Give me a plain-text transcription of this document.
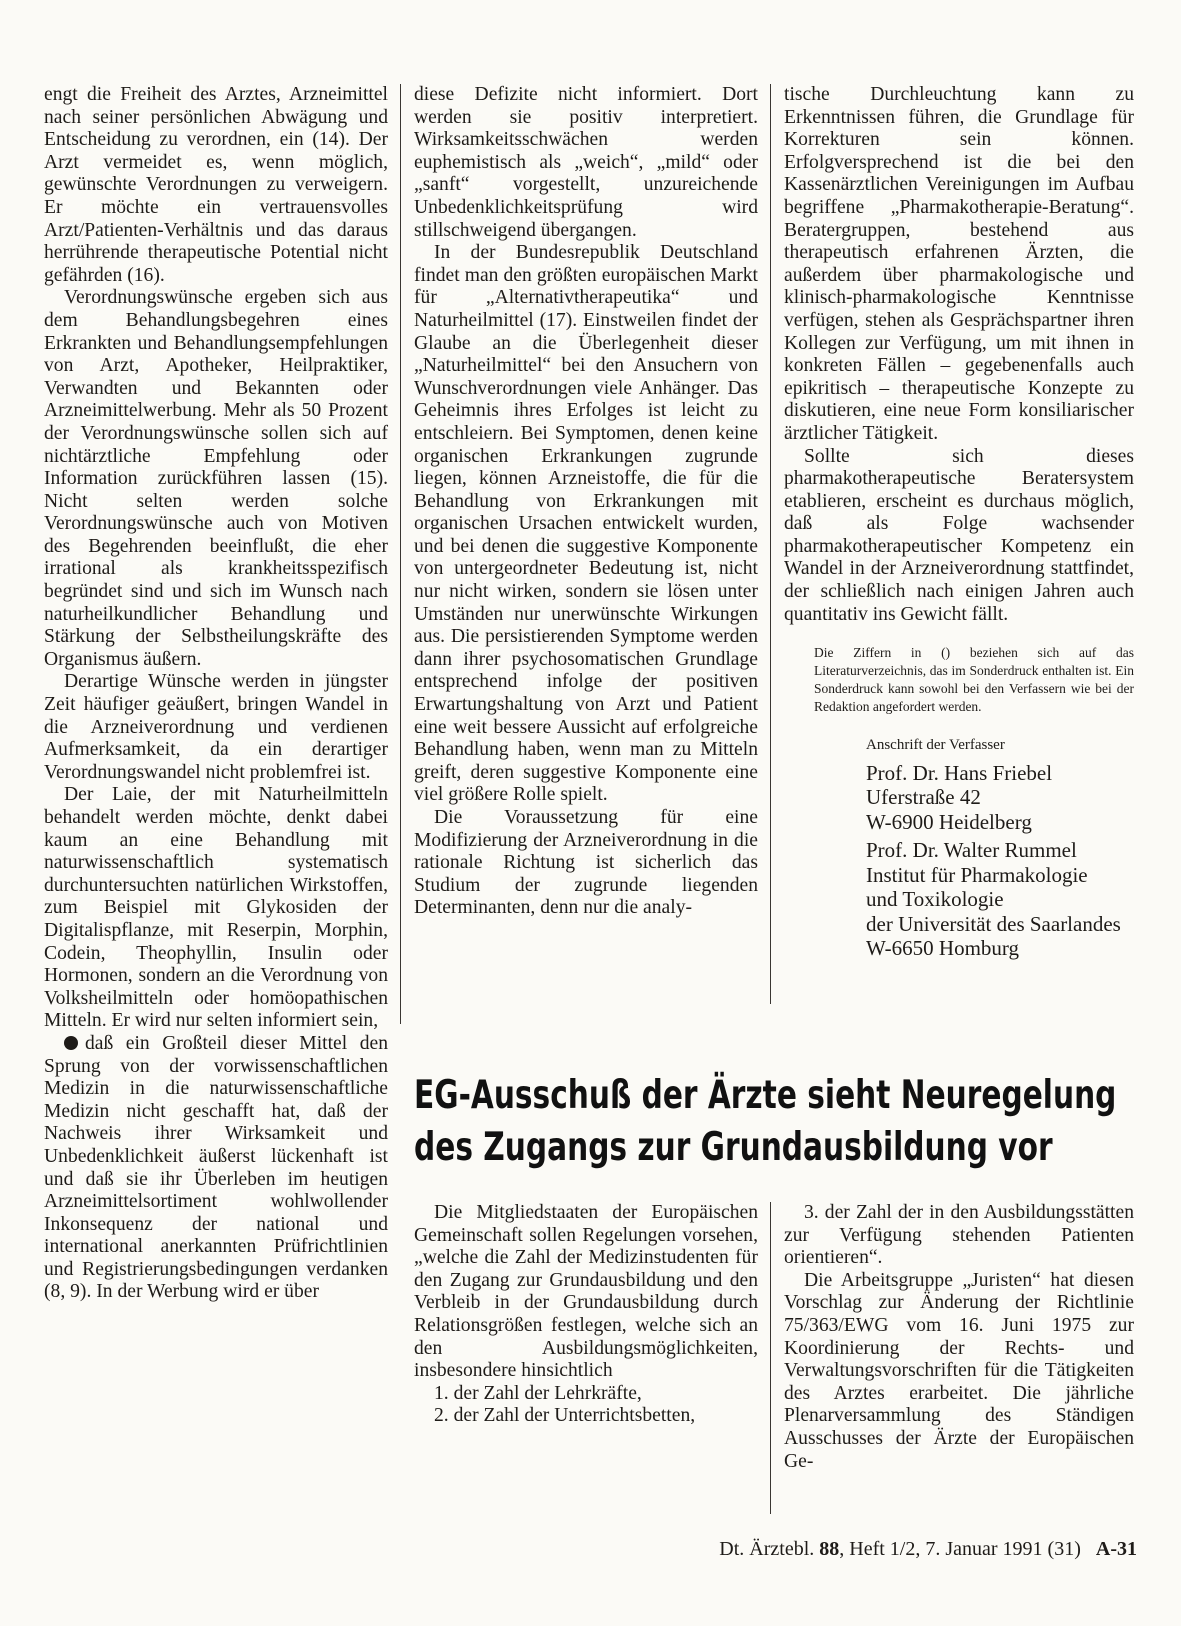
engt die Freiheit des Arztes, Arzneimittel nach seiner persönlichen Abwägung und Entscheidung zu verordnen, ein (14). Der Arzt vermeidet es, wenn möglich, gewünschte Verordnungen zu verweigern. Er möchte ein vertrauensvolles Arzt/Patienten-Verhältnis und das daraus herrührende therapeutische Potential nicht gefährden (16).

Verordnungswünsche ergeben sich aus dem Behandlungsbegehren eines Erkrankten und Behandlungsempfehlungen von Arzt, Apotheker, Heilpraktiker, Verwandten und Bekannten oder Arzneimittelwerbung. Mehr als 50 Prozent der Verordnungswünsche sollen sich auf nichtärztliche Empfehlung oder Information zurückführen lassen (15). Nicht selten werden solche Verordnungswünsche auch von Motiven des Begehrenden beeinflußt, die eher irrational als krankheitsspezifisch begründet sind und sich im Wunsch nach naturheilkundlicher Behandlung und Stärkung der Selbstheilungskräfte des Organismus äußern.

Derartige Wünsche werden in jüngster Zeit häufiger geäußert, bringen Wandel in die Arzneiverordnung und verdienen Aufmerksamkeit, da ein derartiger Verordnungswandel nicht problemfrei ist.

Der Laie, der mit Naturheilmitteln behandelt werden möchte, denkt dabei kaum an eine Behandlung mit naturwissenschaftlich systematisch durchuntersuchten natürlichen Wirkstoffen, zum Beispiel mit Glykosiden der Digitalispflanze, mit Reserpin, Morphin, Codein, Theophyllin, Insulin oder Hormonen, sondern an die Verordnung von Volksheilmitteln oder homöopathischen Mitteln. Er wird nur selten informiert sein,

daß ein Großteil dieser Mittel den Sprung von der vorwissenschaftlichen Medizin in die naturwissenschaftliche Medizin nicht geschafft hat, daß der Nachweis ihrer Wirksamkeit und Unbedenklichkeit äußerst lückenhaft ist und daß sie ihr Überleben im heutigen Arzneimittelsortiment wohlwollender Inkonsequenz der national und international anerkannten Prüfrichtlinien und Registrierungsbedingungen verdanken (8, 9). In der Werbung wird er über

diese Defizite nicht informiert. Dort werden sie positiv interpretiert. Wirksamkeitsschwächen werden euphemistisch als „weich“, „mild“ oder „sanft“ vorgestellt, unzureichende Unbedenklichkeitsprüfung wird stillschweigend übergangen.

In der Bundesrepublik Deutschland findet man den größten europäischen Markt für „Alternativtherapeutika“ und Naturheilmittel (17). Einstweilen findet der Glaube an die Überlegenheit dieser „Naturheilmittel“ bei den Ansuchern von Wunschverordnungen viele Anhänger. Das Geheimnis ihres Erfolges ist leicht zu entschleiern. Bei Symptomen, denen keine organischen Erkrankungen zugrunde liegen, können Arzneistoffe, die für die Behandlung von Erkrankungen mit organischen Ursachen entwickelt wurden, und bei denen die suggestive Komponente von untergeordneter Bedeutung ist, nicht nur nicht wirken, sondern sie lösen unter Umständen nur unerwünschte Wirkungen aus. Die persistierenden Symptome werden dann ihrer psychosomatischen Grundlage entsprechend infolge der positiven Erwartungshaltung von Arzt und Patient eine weit bessere Aussicht auf erfolgreiche Behandlung haben, wenn man zu Mitteln greift, deren suggestive Komponente eine viel größere Rolle spielt.

Die Voraussetzung für eine Modifizierung der Arzneiverordnung in die rationale Richtung ist sicherlich das Studium der zugrunde liegenden Determinanten, denn nur die analy-

tische Durchleuchtung kann zu Erkenntnissen führen, die Grundlage für Korrekturen sein können. Erfolgversprechend ist die bei den Kassenärztlichen Vereinigungen im Aufbau begriffene „Pharmakotherapie-Beratung“. Beratergruppen, bestehend aus therapeutisch erfahrenen Ärzten, die außerdem über pharmakologische und klinisch-pharmakologische Kenntnisse verfügen, stehen als Gesprächspartner ihren Kollegen zur Verfügung, um mit ihnen in konkreten Fällen – gegebenenfalls auch epikritisch – therapeutische Konzepte zu diskutieren, eine neue Form konsiliarischer ärztlicher Tätigkeit.

Sollte sich dieses pharmakotherapeutische Beratersystem etablieren, erscheint es durchaus möglich, daß als Folge wachsender pharmakotherapeutischer Kompetenz ein Wandel in der Arzneiverordnung stattfindet, der schließlich nach einigen Jahren auch quantitativ ins Gewicht fällt.

Die Ziffern in () beziehen sich auf das Literaturverzeichnis, das im Sonderdruck enthalten ist. Ein Sonderdruck kann sowohl bei den Verfassern wie bei der Redaktion angefordert werden.
Anschrift der Verfasser
Prof. Dr. Hans Friebel
Uferstraße 42
W-6900 Heidelberg
Prof. Dr. Walter Rummel
Institut für Pharmakologie
und Toxikologie
der Universität des Saarlandes
W-6650 Homburg
EG-Ausschuß der Ärzte sieht Neuregelung
des Zugangs zur Grundausbildung vor

Die Mitgliedstaaten der Europäischen Gemeinschaft sollen Regelungen vorsehen, „welche die Zahl der Medizinstudenten für den Zugang zur Grundausbildung und den Verbleib in der Grundausbildung durch Relationsgrößen festlegen, welche sich an den Ausbildungsmöglichkeiten, insbesondere hinsichtlich

1. der Zahl der Lehrkräfte,

2. der Zahl der Unterrichtsbetten,

3. der Zahl der in den Ausbildungsstätten zur Verfügung stehenden Patienten orientieren“.

Die Arbeitsgruppe „Juristen“ hat diesen Vorschlag zur Änderung der Richtlinie 75/363/EWG vom 16. Juni 1975 zur Koordinierung der Rechts- und Verwaltungsvorschriften für die Tätigkeiten des Arztes erarbeitet. Die jährliche Plenarversammlung des Ständigen Ausschusses der Ärzte der Europäischen Ge-

Dt. Ärztebl. 88, Heft 1/2, 7. Januar 1991 (31) A-31
